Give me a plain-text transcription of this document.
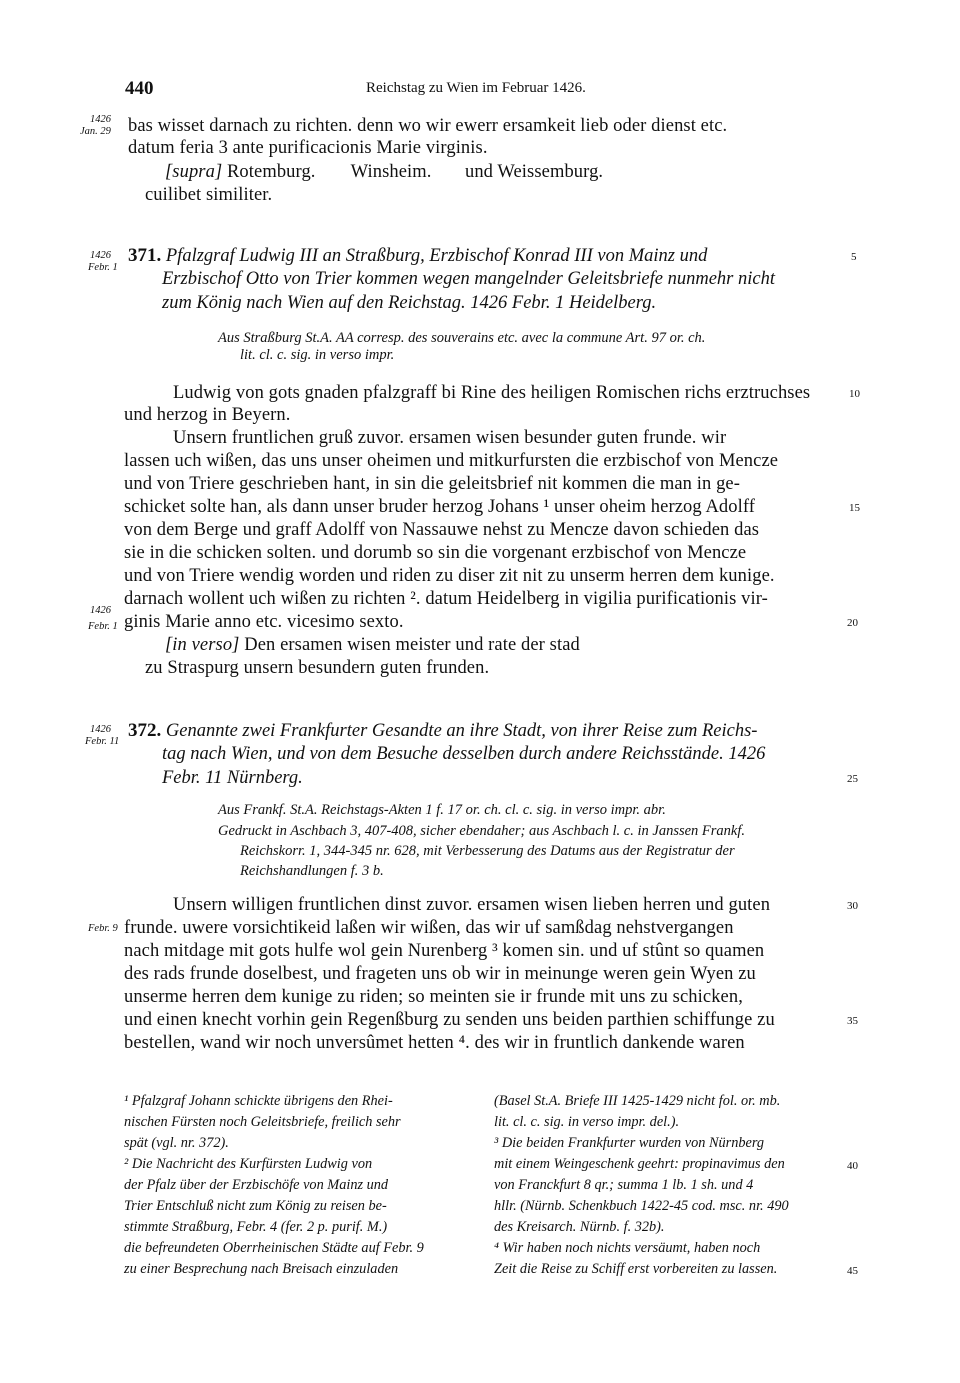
440	Reichstag zu Wien im Februar 1426.
1426
Jan. 29 bas wisset darnach zu richten. denn wo wir ewerr ersamkeit lieb oder dienst etc.
datum feria 3 ante purificacionis Marie virginis.
[supra] Rotemburg. Winsheim. und Weissemburg.
cuilibet similiter.
1426
Febr. 1
371. Pfalzgraf Ludwig III an Straßburg, Erzbischof Konrad III von Mainz und
Erzbischof Otto von Trier kommen wegen mangelnder Geleitsbriefe nunmehr nicht
zum König nach Wien auf den Reichstag. 1426 Febr. 1 Heidelberg.
5
Aus Straßburg St.A. AA corresp. des souverains etc. avec la commune Art. 97 or. ch.
lit. cl. c. sig. in verso impr.
Ludwig von gots gnaden pfalzgraff bi Rine des heiligen Romischen richs erztruchses	10
und herzog in Beyern.
Unsern fruntlichen gruß zuvor. ersamen wisen besunder guten frunde. wir
lassen uch wißen, das uns unser oheimen und mitkurfursten die erzbischof von Mencze
und von Triere geschrieben hant, in sin die geleitsbrief nit kommen die man in ge-
schicket solte han, als dann unser bruder herzog Johans ¹ unser oheim herzog Adolff	15
von dem Berge und graff Adolff von Nassauwe nehst zu Mencze davon schieden das
sie in die schicken solten. und dorumb so sin die vorgenant erzbischof von Mencze
und von Triere wendig worden und riden zu diser zit nit zu unserm herren dem kunige.
darnach wollent uch wißen zu richten ². datum Heidelberg in vigilia purificationis vir-
1426
Febr. 1 ginis Marie anno etc. vicesimo sexto.	20
[in verso] Den ersamen wisen meister und rate der stad
zu Straspurg unsern besundern guten frunden.
1426
Febr. 11
372. Genannte zwei Frankfurter Gesandte an ihre Stadt, von ihrer Reise zum Reichs-
tag nach Wien, und von dem Besuche desselben durch andere Reichsstände. 1426
Febr. 11 Nürnberg.	25
Aus Frankf. St.A. Reichstags-Akten 1 f. 17 or. ch. cl. c. sig. in verso impr. abr.
Gedruckt in Aschbach 3, 407-408, sicher ebendaher; aus Aschbach l. c. in Janssen Frankf.
Reichskorr. 1, 344-345 nr. 628, mit Verbesserung des Datums aus der Registratur der
Reichshandlungen f. 3 b.
Unsern willigen fruntlichen dinst zuvor. ersamen wisen lieben herren und guten	30
Febr. 9 frunde. uwere vorsichtikeid laßen wir wißen, das wir uf samßdag nehstvergangen
nach mitdage mit gots hulfe wol gein Nurenberg ³ komen sin. und uf stûnt so quamen
des rads frunde doselbest, und frageten uns ob wir in meinunge weren gein Wyen zu
unserme herren dem kunige zu riden; so meinten sie ir frunde mit uns zu schicken,
und einen knecht vorhin gein Regenßburg zu senden uns beiden parthien schiffunge zu	35
bestellen, wand wir noch unversûmet hetten ⁴. des wir in fruntlich dankende waren
¹ Pfalzgraf Johann schickte übrigens den Rhei-
nischen Fürsten noch Geleitsbriefe, freilich sehr
spät (vgl. nr. 372).
² Die Nachricht des Kurfürsten Ludwig von
der Pfalz über der Erzbischöfe von Mainz und
Trier Entschluß nicht zum König zu reisen be-
stimmte Straßburg, Febr. 4 (fer. 2 p. purif. M.)
die befreundeten Oberrheinischen Städte auf Febr. 9
zu einer Besprechung nach Breisach einzuladen
(Basel St.A. Briefe III 1425-1429 nicht fol. or. mb.
lit. cl. c. sig. in verso impr. del.).
³ Die beiden Frankfurter wurden von Nürnberg
mit einem Weingeschenk geehrt: propinavimus den	40
von Franckfurt 8 qr.; summa 1 lb. 1 sh. und 4
hllr. (Nürnb. Schenkbuch 1422-45 cod. msc. nr. 490
des Kreisarch. Nürnb. f. 32b).
⁴ Wir haben noch nichts versäumt, haben noch
Zeit die Reise zu Schiff erst vorbereiten zu lassen.	45
